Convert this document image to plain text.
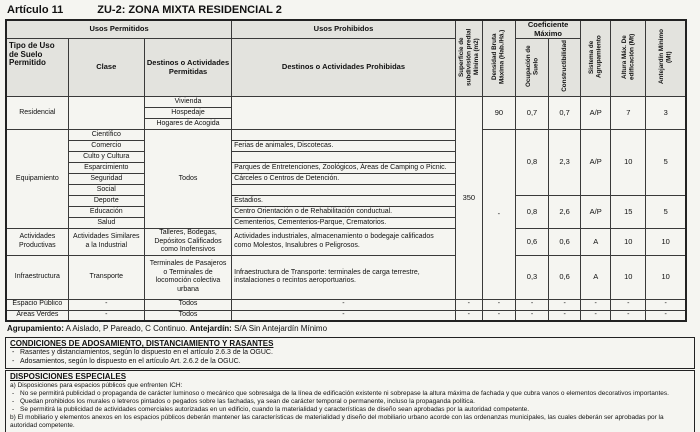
Artículo 11	ZU-2: ZONA MIXTA RESIDENCIAL 2
Usos Permitidos			Usos Prohibidos	Superficie de subdivisión predial Mínima (m2)	Densidad Bruta Máxima (Hab./Há.)	Coeficiente Máximo		Sistema de Agrupamiento	Altura Máx. De edificación (Mt)	Antejardín Mínimo (Mt)
Tipo de Uso de Suelo Permitido	Clase	Destinos o Actividades Permitidas	Destinos o Actividades Prohibidas			Ocupación de Suelo	Constructibilidad			
Residencial		Vivienda		350	90	0,7	0,7	A/P	7	3
		Hospedaje								
		Hogares de Acogida								
Equipamiento	Científico	Todos			-	0,8	2,3	A/P	10	5
	Comercio		Ferias de animales, Discotecas.							
	Culto y Cultura									
	Esparcimiento		Parques de Entretenciones, Zoológicos, Áreas de Camping o Picnic.							
	Seguridad		Cárceles o Centros de Detención.							
	Social									
	Deporte		Estadios.			0,8	2,6	A/P	15	5
	Educación		Centro Orientación o de Rehabilitación conductual.							
	Salud		Cementerios, Cementerios-Parque, Crematorios.							
Actividades Productivas	Actividades Similares a la Industrial	Talleres, Bodegas, Depósitos Calificados como Inofensivos	Actividades industriales, almacenamiento o bodegaje calificados como Molestos, Insalubres o Peligrosos.			0,6	0,6	A	10	10
Infraestructura	Transporte	Terminales de Pasajeros o Terminales de locomoción colectiva urbana	Infraestructura de Transporte: terminales de carga terrestre, instalaciones o recintos aeroportuarios.			0,3	0,6	A	10	10
Espacio Público	-	Todos	-	-	-	-	-	-	-	-
Áreas Verdes	-	Todos	-	-	-	-	-	-	-	-
Agrupamiento: A Aislado, P Pareado, C Continuo. Antejardín: S/A Sin Antejardín Mínimo
CONDICIONES DE ADOSAMIENTO, DISTANCIAMIENTO Y RASANTES
- Rasantes y distanciamientos, según lo dispuesto en el artículo 2.6.3 de la OGUC.
- Adosamientos, según lo dispuesto en el artículo Art. 2.6.2 de la OGUC.
DISPOSICIONES ESPECIALES
a) Disposiciones para espacios públicos que enfrenten ICH:
- No se permitirá publicidad o propaganda de carácter luminoso o mecánico que sobresalga de la línea de edificación existente ni sobrepase la altura máxima de fachada y que cubra vanos o elementos decorativos importantes.
- Quedan prohibidos los murales o letreros pintados o pegados sobre las fachadas, ya sean de carácter temporal o permanente, incluso la propaganda política.
- Se permitirá la publicidad de actividades comerciales autorizadas en un edificio, cuando la materialidad y características de diseño sean aprobadas por la autoridad competente.
b) El mobiliario y elementos anexos en los espacios públicos deberán mantener las características de materialidad y diseño del mobiliario urbano acorde con las ordenanzas municipales, las cuales deberán ser aprobadas por la autoridad competente.
